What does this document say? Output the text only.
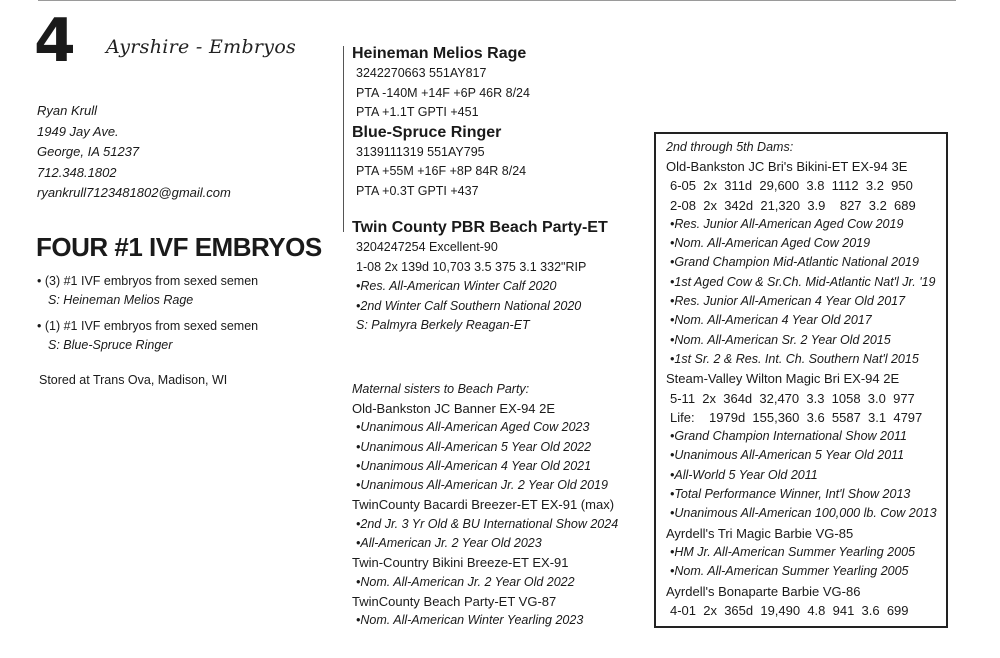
4 Ayrshire - Embryos
Ryan Krull
1949 Jay Ave.
George, IA 51237
712.348.1802
ryankrull7123481802@gmail.com
FOUR #1 IVF EMBRYOS
• (3) #1 IVF embryos from sexed semen
S: Heineman Melios Rage
• (1) #1 IVF embryos from sexed semen
S: Blue-Spruce Ringer
Stored at Trans Ova, Madison, WI
Heineman Melios Rage
3242270663 551AY817
PTA -140M +14F +6P 46R 8/24
PTA +1.1T GPTI +451
Blue-Spruce Ringer
3139111319 551AY795
PTA +55M +16F +8P 84R 8/24
PTA +0.3T GPTI +437
Twin County PBR Beach Party-ET
3204247254 Excellent-90
1-08 2x 139d 10,703 3.5 375 3.1 332"RIP
•Res. All-American Winter Calf 2020
•2nd Winter Calf Southern National 2020
S: Palmyra Berkely Reagan-ET
Maternal sisters to Beach Party:
Old-Bankston JC Banner EX-94 2E
•Unanimous All-American Aged Cow 2023
•Unanimous All-American 5 Year Old 2022
•Unanimous All-American 4 Year Old 2021
•Unanimous All-American Jr. 2 Year Old 2019
TwinCounty Bacardi Breezer-ET EX-91 (max)
•2nd Jr. 3 Yr Old & BU International Show 2024
•All-American Jr. 2 Year Old 2023
Twin-Country Bikini Breeze-ET EX-91
•Nom. All-American Jr. 2 Year Old 2022
TwinCounty Beach Party-ET VG-87
•Nom. All-American Winter Yearling 2023
2nd through 5th Dams:
Old-Bankston JC Bri's Bikini-ET EX-94 3E
6-05  2x  311d  29,600  3.8  1112  3.2  950
2-08  2x  342d  21,320  3.9    827  3.2  689
•Res. Junior All-American Aged Cow 2019
•Nom. All-American Aged Cow 2019
•Grand Champion Mid-Atlantic National 2019
•1st Aged Cow & Sr.Ch. Mid-Atlantic Nat'l Jr. '19
•Res. Junior All-American 4 Year Old 2017
•Nom. All-American 4 Year Old 2017
•Nom. All-American Sr. 2 Year Old 2015
•1st Sr. 2 & Res. Int. Ch. Southern Nat'l 2015
Steam-Valley Wilton Magic Bri EX-94 2E
5-11  2x  364d  32,470  3.3  1058  3.0  977
Life:    1979d  155,360  3.6  5587  3.1  4797
•Grand Champion International Show 2011
•Unanimous All-American 5 Year Old 2011
•All-World 5 Year Old 2011
•Total Performance Winner, Int'l Show 2013
•Unanimous All-American 100,000 lb. Cow 2013
Ayrdell's Tri Magic Barbie VG-85
•HM Jr. All-American Summer Yearling 2005
•Nom. All-American Summer Yearling 2005
Ayrdell's Bonaparte Barbie VG-86
4-01  2x  365d  19,490  4.8  941  3.6  699
